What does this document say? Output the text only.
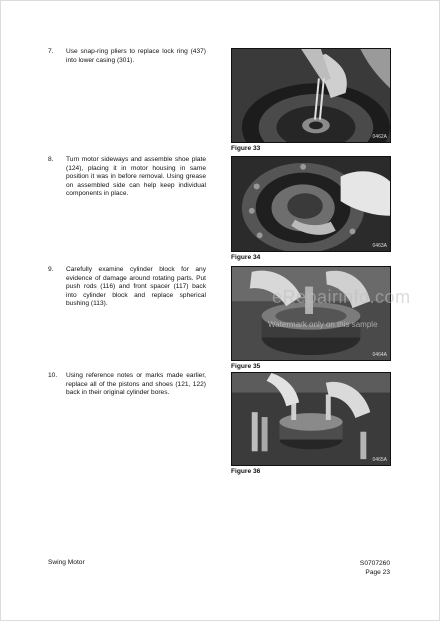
7.	Use snap-ring pliers to replace lock ring (437) into lower casing (301).
8.	Turn motor sideways and assemble shoe plate (124), placing it in motor housing in same position it was in before removal. Using grease on assembled side can help keep individual components in place.
9.	Carefully examine cylinder block for any evidence of damage around rotating parts. Put push rods (116) and front spacer (117) back into cylinder block and replace spherical bushing (113).
10.	Using reference notes or marks made earlier, replace all of the pistons and shoes (121, 122) back in their original cylinder bores.
0462A
Figure 33
0463A
Figure 34
0464A
Figure 35
0465A
Figure 36
eRepairinfo.com
Watermark only on this sample
Swing Motor	S0707260
Page 23
